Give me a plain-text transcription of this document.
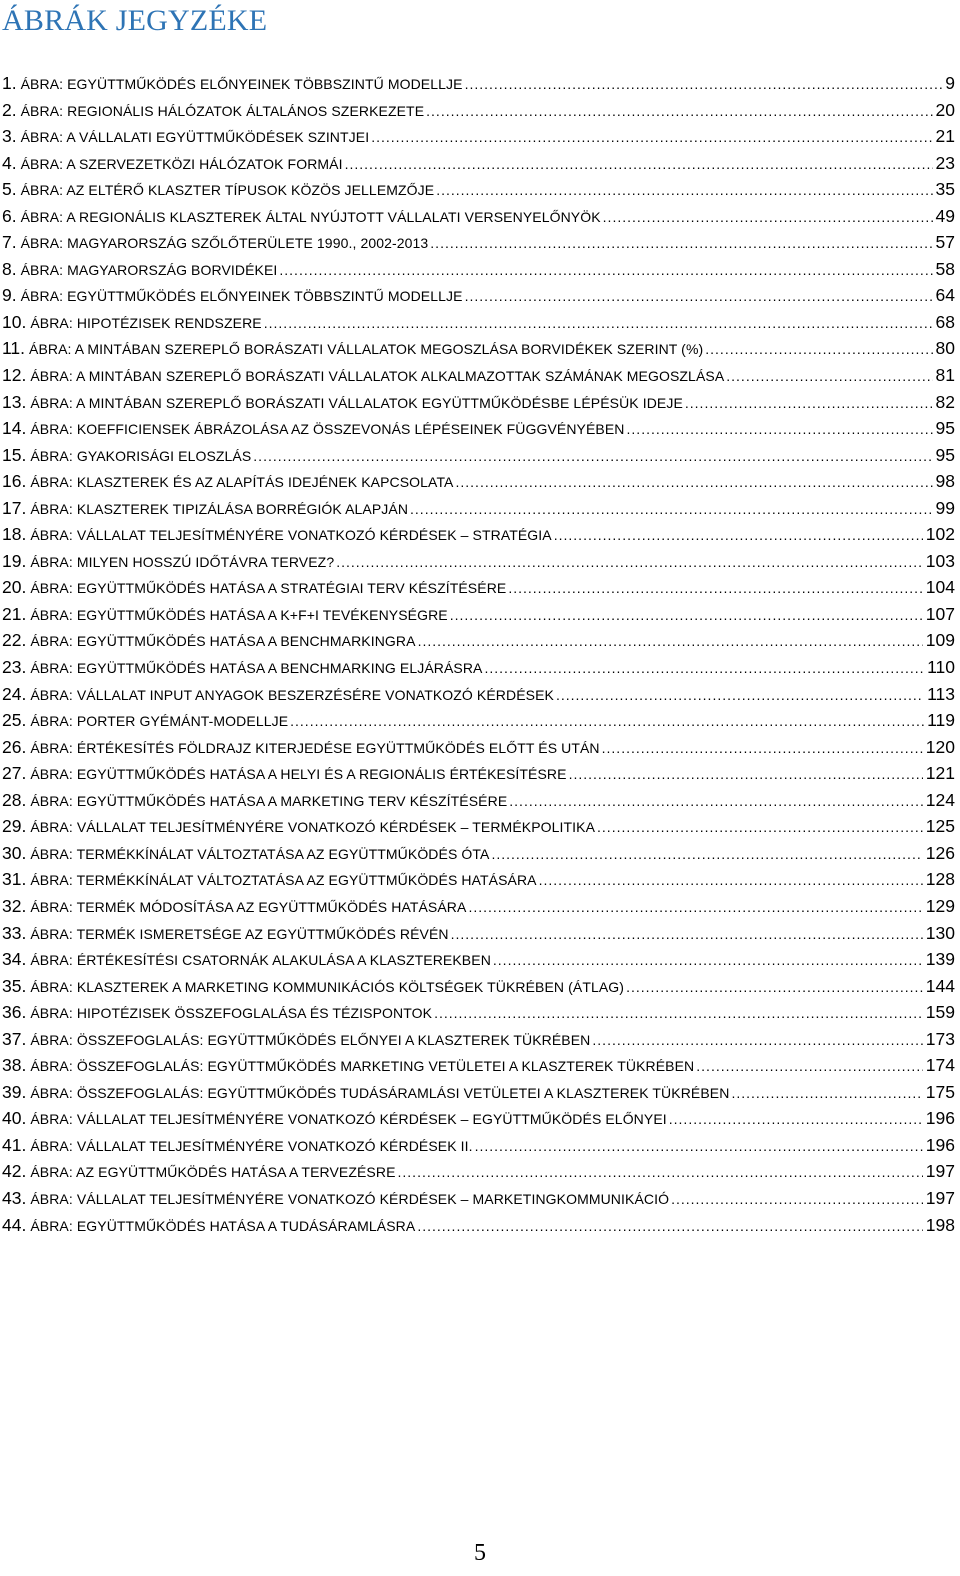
ÁBRÁK JEGYZÉKE
1. ÁBRA: EGYÜTTMŰKÖDÉS ELŐNYEINEK TÖBBSZINTŰ MODELLJE .....	9
2. ÁBRA: REGIONÁLIS HÁLÓZATOK ÁLTALÁNOS SZERKEZETE .....	20
3. ÁBRA: A VÁLLALATI EGYÜTTMŰKÖDÉSEK SZINTJEI .....	21
4. ÁBRA: A SZERVEZETKÖZI HÁLÓZATOK FORMÁI .....	23
5. ÁBRA: AZ ELTÉRŐ KLASZTER TÍPUSOK KÖZÖS JELLEMZŐJE .....	35
6. ÁBRA: A REGIONÁLIS KLASZTEREK ÁLTAL NYÚJTOTT VÁLLALATI VERSENYELŐNYÖK .....	49
7. ÁBRA: MAGYARORSZÁG SZŐLŐTERÜLETE 1990., 2002-2013 .....	57
8. ÁBRA: MAGYARORSZÁG BORVIDÉKEI .....	58
9. ÁBRA: EGYÜTTMŰKÖDÉS ELŐNYEINEK TÖBBSZINTŰ MODELLJE .....	64
10. ÁBRA: HIPOTÉZISEK RENDSZERE .....	68
11. ÁBRA: A MINTÁBAN SZEREPLŐ BORÁSZATI VÁLLALATOK MEGOSZLÁSA BORVIDÉKEK SZERINT (%) .....	80
12. ÁBRA: A MINTÁBAN SZEREPLŐ BORÁSZATI VÁLLALATOK ALKALMAZOTTAK SZÁMÁNAK MEGOSZLÁSA .....	81
13. ÁBRA: A MINTÁBAN SZEREPLŐ BORÁSZATI VÁLLALATOK EGYÜTTMŰKÖDÉSBE LÉPÉSÜK IDEJE .....	82
14. ÁBRA: KOEFFICIENSEK ÁBRÁZOLÁSA AZ ÖSSZEVONÁS LÉPÉSEINEK FÜGGVÉNYÉBEN .....	95
15. ÁBRA: GYAKORISÁGI ELOSZLÁS .....	95
16. ÁBRA: KLASZTEREK ÉS AZ ALAPÍTÁS IDEJÉNEK KAPCSOLATA .....	98
17. ÁBRA: KLASZTEREK TIPIZÁLÁSA BORRÉGIÓK ALAPJÁN .....	99
18. ÁBRA: VÁLLALAT TELJESÍTMÉNYÉRE VONATKOZÓ KÉRDÉSEK – STRATÉGIA .....	102
19. ÁBRA: MILYEN HOSSZÚ IDŐTÁVRA TERVEZ? .....	103
20. ÁBRA: EGYÜTTMŰKÖDÉS HATÁSA A STRATÉGIAI TERV KÉSZÍTÉSÉRE .....	104
21. ÁBRA: EGYÜTTMŰKÖDÉS HATÁSA A K+F+I TEVÉKENYSÉGRE .....	107
22. ÁBRA: EGYÜTTMŰKÖDÉS HATÁSA A BENCHMARKINGRA .....	109
23. ÁBRA: EGYÜTTMŰKÖDÉS HATÁSA A BENCHMARKING ELJÁRÁSRA .....	110
24. ÁBRA: VÁLLALAT INPUT ANYAGOK BESZERZÉSÉRE VONATKOZÓ KÉRDÉSEK .....	113
25. ÁBRA: PORTER GYÉMÁNT-MODELLJE .....	119
26. ÁBRA: ÉRTÉKESÍTÉS FÖLDRAJZ KITERJEDÉSE EGYÜTTMŰKÖDÉS ELŐTT ÉS UTÁN .....	120
27. ÁBRA: EGYÜTTMŰKÖDÉS HATÁSA A HELYI ÉS A REGIONÁLIS ÉRTÉKESÍTÉSRE .....	121
28. ÁBRA: EGYÜTTMŰKÖDÉS HATÁSA A MARKETING TERV KÉSZÍTÉSÉRE .....	124
29. ÁBRA: VÁLLALAT TELJESÍTMÉNYÉRE VONATKOZÓ KÉRDÉSEK – TERMÉKPOLITIKA .....	125
30. ÁBRA: TERMÉKKÍNÁLAT VÁLTOZTATÁSA AZ EGYÜTTMŰKÖDÉS ÓTA .....	126
31. ÁBRA: TERMÉKKÍNÁLAT VÁLTOZTATÁSA AZ EGYÜTTMŰKÖDÉS HATÁSÁRA .....	128
32. ÁBRA: TERMÉK MÓDOSÍTÁSA AZ EGYÜTTMŰKÖDÉS HATÁSÁRA .....	129
33. ÁBRA: TERMÉK ISMERETSÉGE AZ EGYÜTTMŰKÖDÉS RÉVÉN .....	130
34. ÁBRA: ÉRTÉKESÍTÉSI CSATORNÁK ALAKULÁSA A KLASZTEREKBEN .....	139
35. ÁBRA: KLASZTEREK A MARKETING KOMMUNIKÁCIÓS KÖLTSÉGEK TÜKRÉBEN (ÁTLAG) .....	144
36. ÁBRA: HIPOTÉZISEK ÖSSZEFOGLALÁSA ÉS TÉZISPONTOK .....	159
37. ÁBRA: ÖSSZEFOGLALÁS: EGYÜTTMŰKÖDÉS ELŐNYEI A KLASZTEREK TÜKRÉBEN .....	173
38. ÁBRA: ÖSSZEFOGLALÁS: EGYÜTTMŰKÖDÉS MARKETING VETÜLETEI A KLASZTEREK TÜKRÉBEN .....	174
39. ÁBRA: ÖSSZEFOGLALÁS: EGYÜTTMŰKÖDÉS TUDÁSÁRAMLÁSI VETÜLETEI A KLASZTEREK TÜKRÉBEN .....	175
40. ÁBRA: VÁLLALAT TELJESÍTMÉNYÉRE VONATKOZÓ KÉRDÉSEK – EGYÜTTMŰKÖDÉS ELŐNYEI .....	196
41. ÁBRA: VÁLLALAT TELJESÍTMÉNYÉRE VONATKOZÓ KÉRDÉSEK II. .....	196
42. ÁBRA: AZ EGYÜTTMŰKÖDÉS HATÁSA A TERVEZÉSRE .....	197
43. ÁBRA: VÁLLALAT TELJESÍTMÉNYÉRE VONATKOZÓ KÉRDÉSEK – MARKETINGKOMMUNIKÁCIÓ .....	197
44. ÁBRA: EGYÜTTMŰKÖDÉS HATÁSA A TUDÁSÁRAMLÁSRA .....	198
5
